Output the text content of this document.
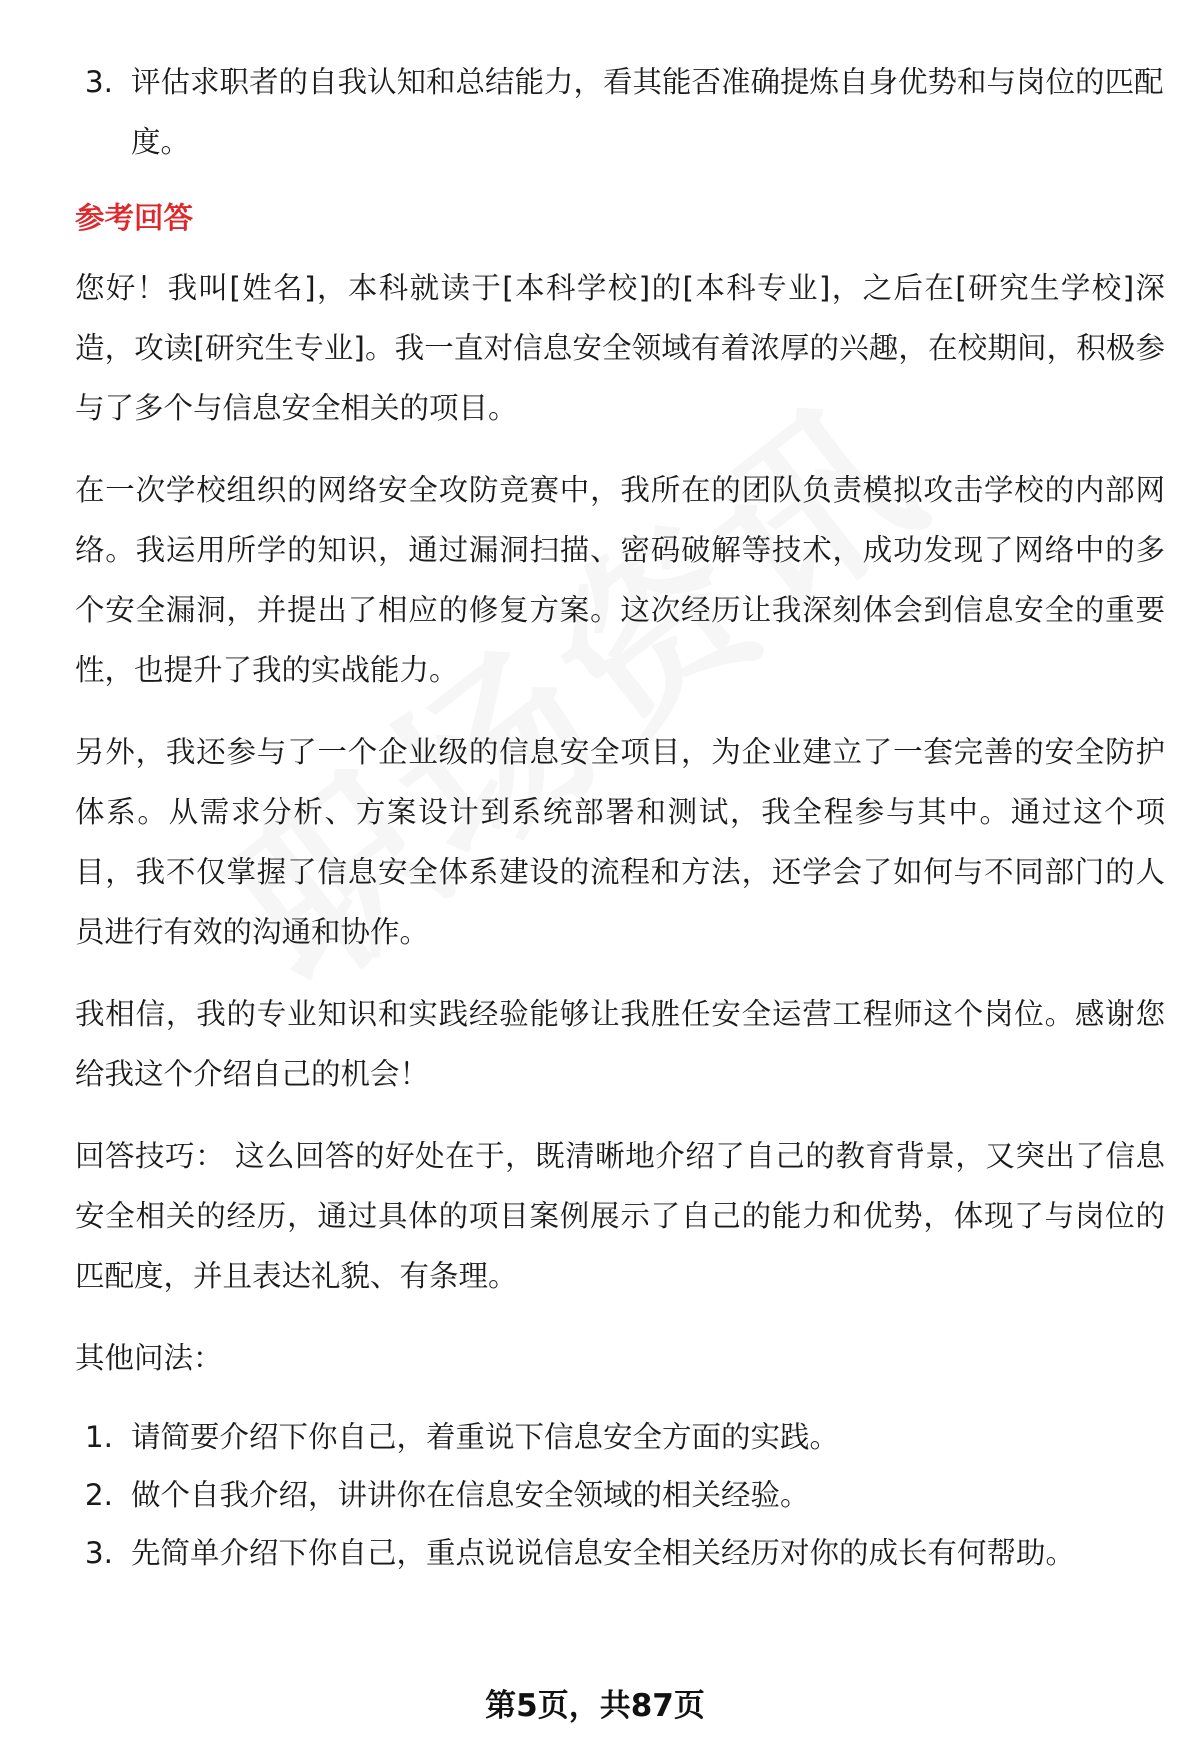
3. 评估求职者的自我认知和总结能力，看其能否准确提炼自身优势和与岗位的匹配度。
参考回答

您好！我叫[姓名]，本科就读于[本科学校]的[本科专业]，之后在[研究生学校]深造，攻读[研究生专业]。我一直对信息安全领域有着浓厚的兴趣，在校期间，积极参与了多个与信息安全相关的项目。

在一次学校组织的网络安全攻防竞赛中，我所在的团队负责模拟攻击学校的内部网络。我运用所学的知识，通过漏洞扫描、密码破解等技术，成功发现了网络中的多个安全漏洞，并提出了相应的修复方案。这次经历让我深刻体会到信息安全的重要性，也提升了我的实战能力。

另外，我还参与了一个企业级的信息安全项目，为企业建立了一套完善的安全防护体系。从需求分析、方案设计到系统部署和测试，我全程参与其中。通过这个项目，我不仅掌握了信息安全体系建设的流程和方法，还学会了如何与不同部门的人员进行有效的沟通和协作。

我相信，我的专业知识和实践经验能够让我胜任安全运营工程师这个岗位。感谢您给我这个介绍自己的机会！

回答技巧： 这么回答的好处在于，既清晰地介绍了自己的教育背景，又突出了信息安全相关的经历，通过具体的项目案例展示了自己的能力和优势，体现了与岗位的匹配度，并且表达礼貌、有条理。

其他问法：
1. 请简要介绍下你自己，着重说下信息安全方面的实践。
2. 做个自我介绍，讲讲你在信息安全领域的相关经验。
3. 先简单介绍下你自己，重点说说信息安全相关经历对你的成长有何帮助。
第5页，共87页
